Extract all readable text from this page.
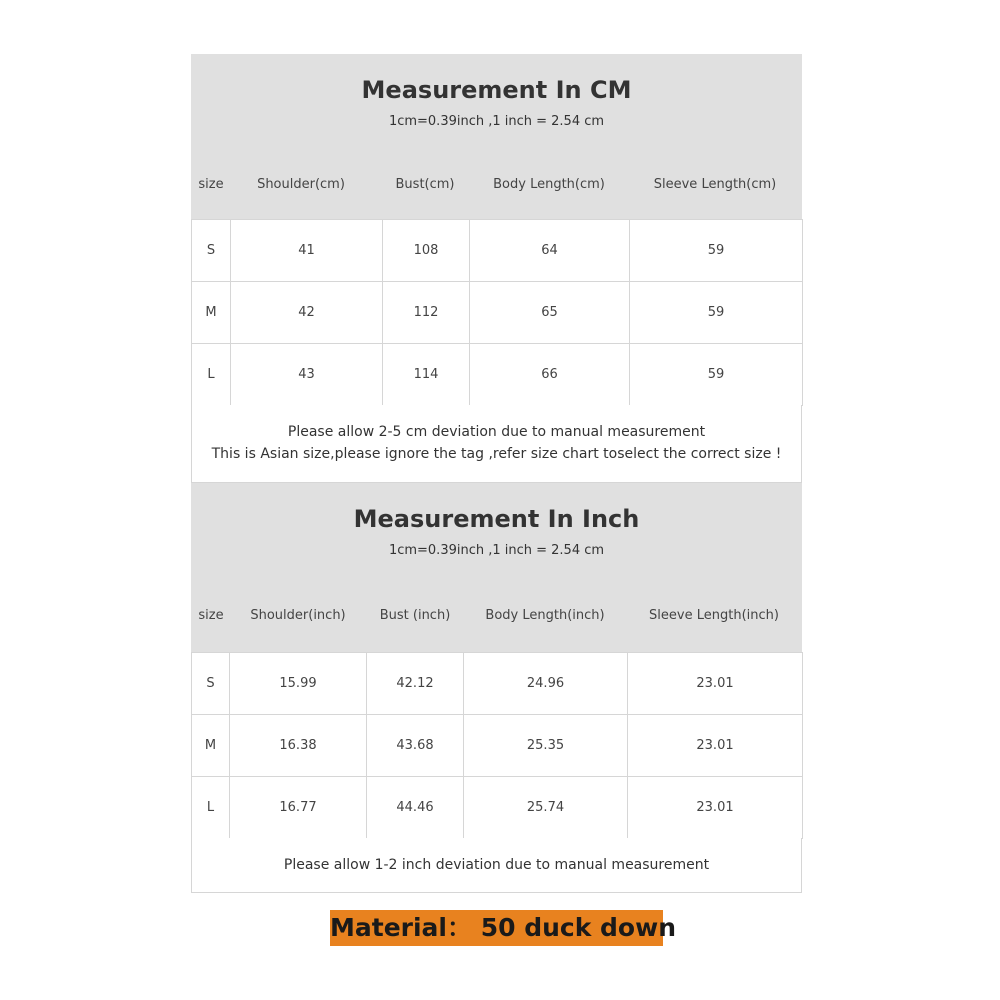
Measurement In CM
1cm=0.39inch ,1 inch = 2.54 cm
size	Shoulder(cm)	Bust(cm)	Body Length(cm)	Sleeve Length(cm)
S	41	108	64	59
M	42	112	65	59
L	43	114	66	59
Please allow 2-5 cm deviation due to manual measurement
This is Asian size,please ignore the tag ,refer size chart toselect the correct size !
Measurement In Inch
1cm=0.39inch ,1 inch = 2.54 cm
size Shoulder(inch)	Bust (inch)	Body Length(inch)	Sleeve Length(inch)
S	15.99	42.12	24.96	23.01
M	16.38	43.68	25.35	23.01
L	16.77	44.46	25.74	23.01
Please allow 1-2 inch deviation due to manual measurement
Material： 50 duck down
